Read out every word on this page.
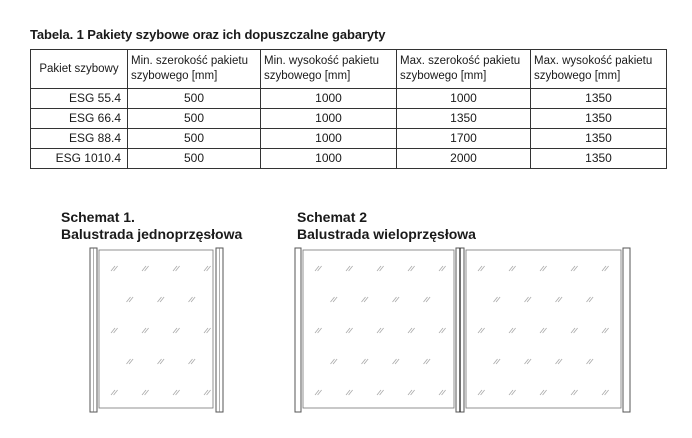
Tabela. 1 Pakiety szybowe oraz ich dopuszczalne gabaryty
Pakiet szybowy	Min. szerokość pakietu szybowego [mm]	Min. wysokość pakietu szybowego [mm]	Max. szerokość pakietu szybowego [mm]	Max. wysokość pakietu szybowego [mm]
ESG 55.4	500	1000	1000	1350
ESG 66.4	500	1000	1350	1350
ESG 88.4	500	1000	1700	1350
ESG 1010.4	500	1000	2000	1350
Schemat 1.
Balustrada jednoprzęsłowa
Schemat 2
Balustrada wieloprzęsłowa
